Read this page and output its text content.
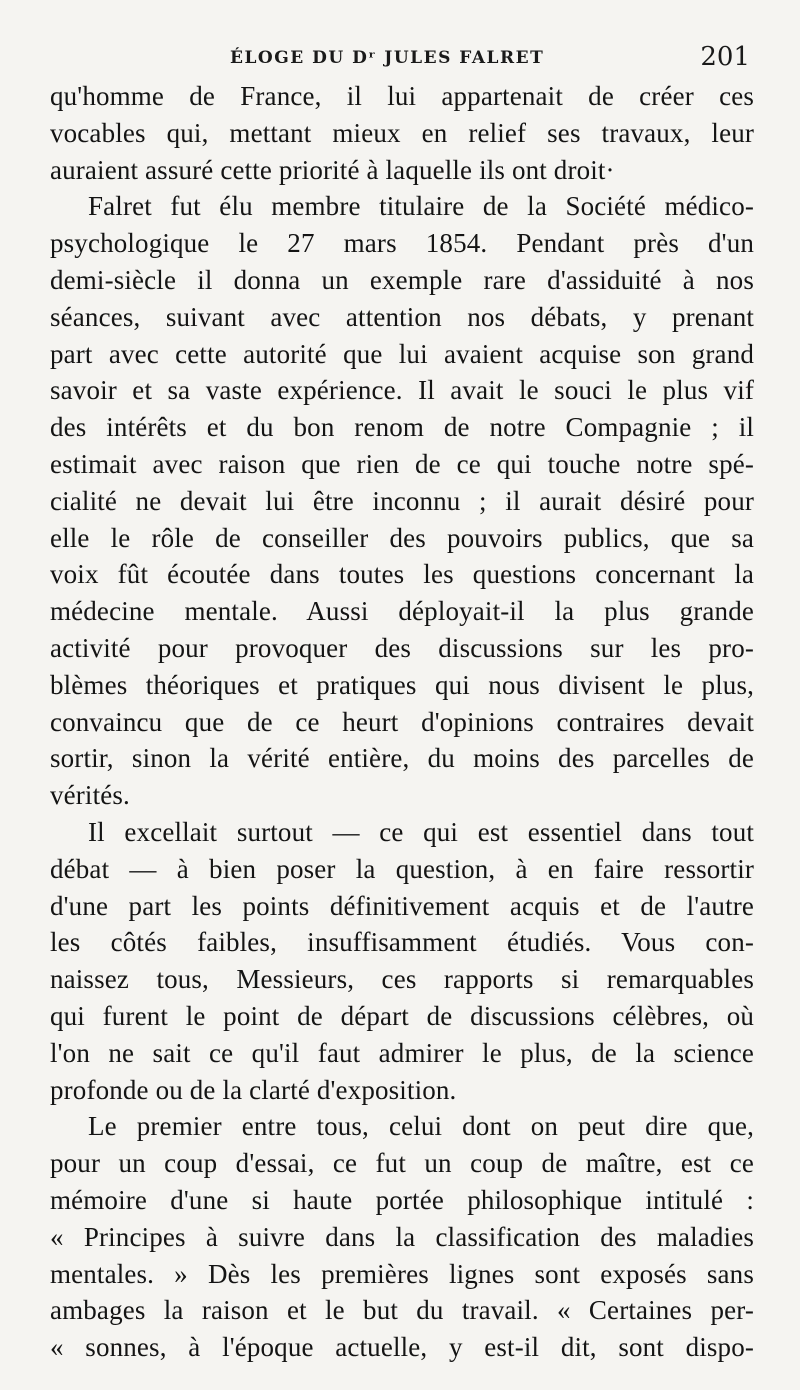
ÉLOGE DU Dʳ JULES FALRET	201
qu'homme de France, il lui appartenait de créer ces
vocables qui, mettant mieux en relief ses travaux, leur
auraient assuré cette priorité à laquelle ils ont droit·
Falret fut élu membre titulaire de la Société médico-
psychologique le 27 mars 1854. Pendant près d'un
demi-siècle il donna un exemple rare d'assiduité à nos
séances, suivant avec attention nos débats, y prenant
part avec cette autorité que lui avaient acquise son grand
savoir et sa vaste expérience. Il avait le souci le plus vif
des intérêts et du bon renom de notre Compagnie ; il
estimait avec raison que rien de ce qui touche notre spé-
cialité ne devait lui être inconnu ; il aurait désiré pour
elle le rôle de conseiller des pouvoirs publics, que sa
voix fût écoutée dans toutes les questions concernant la
médecine mentale. Aussi déployait-il la plus grande
activité pour provoquer des discussions sur les pro-
blèmes théoriques et pratiques qui nous divisent le plus,
convaincu que de ce heurt d'opinions contraires devait
sortir, sinon la vérité entière, du moins des parcelles de
vérités.
Il excellait surtout — ce qui est essentiel dans tout
débat — à bien poser la question, à en faire ressortir
d'une part les points définitivement acquis et de l'autre
les côtés faibles, insuffisamment étudiés. Vous con-
naissez tous, Messieurs, ces rapports si remarquables
qui furent le point de départ de discussions célèbres, où
l'on ne sait ce qu'il faut admirer le plus, de la science
profonde ou de la clarté d'exposition.
Le premier entre tous, celui dont on peut dire que,
pour un coup d'essai, ce fut un coup de maître, est ce
mémoire d'une si haute portée philosophique intitulé :
« Principes à suivre dans la classification des maladies
mentales. » Dès les premières lignes sont exposés sans
ambages la raison et le but du travail. « Certaines per-
« sonnes, à l'époque actuelle, y est-il dit, sont dispo-
